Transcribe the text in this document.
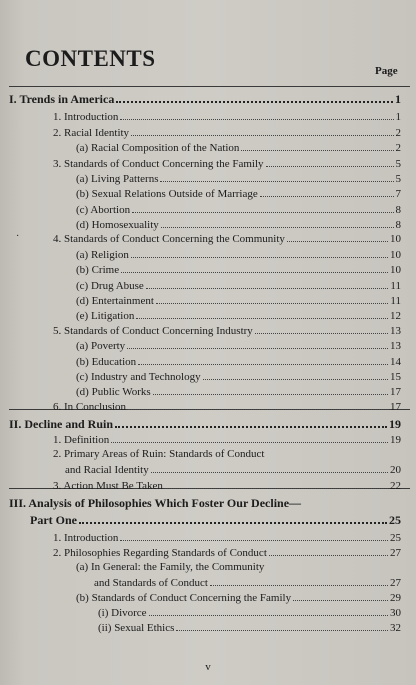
CONTENTS	Page
·
I. Trends in America	1
1. Introduction	1
2. Racial Identity	2
(a) Racial Composition of the Nation	2
3. Standards of Conduct Concerning the Family	5
(a) Living Patterns	5
(b) Sexual Relations Outside of Marriage	7
(c) Abortion	8
(d) Homosexuality	8
4. Standards of Conduct Concerning the Community	10
(a) Religion	10
(b) Crime	10
(c) Drug Abuse	11
(d) Entertainment	11
(e) Litigation	12
5. Standards of Conduct Concerning Industry	13
(a) Poverty	13
(b) Education	14
(c) Industry and Technology	15
(d) Public Works	17
6. In Conclusion	17
II. Decline and Ruin	19
1. Definition	19
2. Primary Areas of Ruin: Standards of Conduct
and Racial Identity	20
3. Action Must Be Taken	22
III. Analysis of Philosophies Which Foster Our Decline—
Part One	25
1. Introduction	25
2. Philosophies Regarding Standards of Conduct	27
(a) In General: the Family, the Community
and Standards of Conduct	27
(b) Standards of Conduct Concerning the Family	29
(i) Divorce	30
(ii) Sexual Ethics	32
v
